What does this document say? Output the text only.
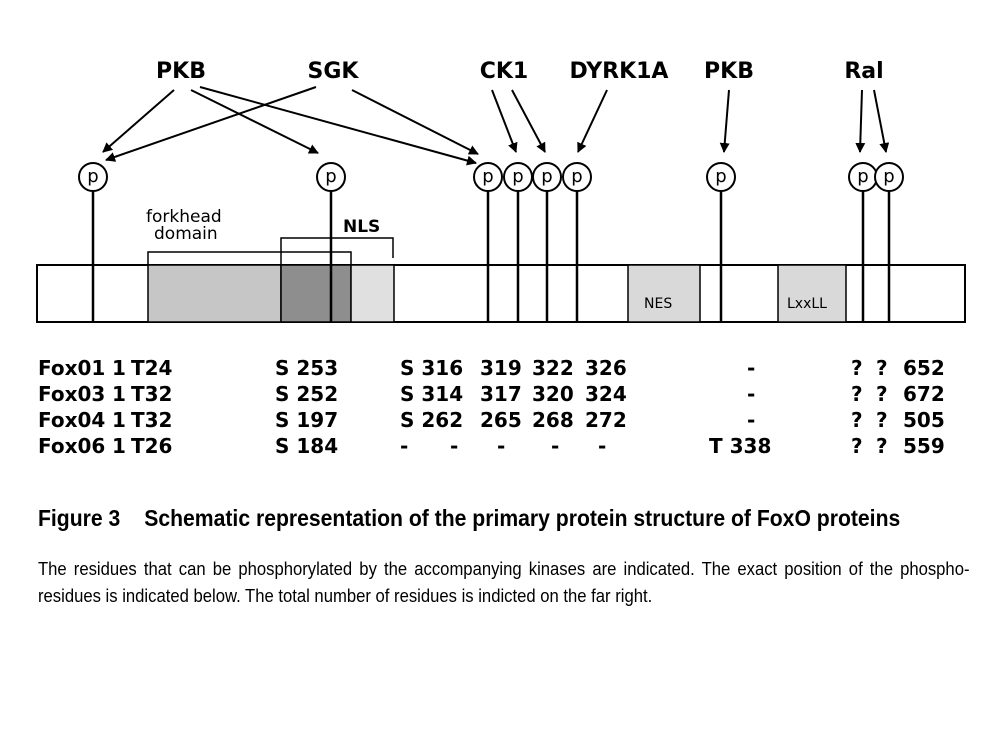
PKB	SGK	CK1 DYRK1A PKB	Ral
NES	LxxLL
forkhead
domain	NLS
p	p	p p p p	p	p p
Fox01 1 T24	S 253	S 316 319 322 326	-	? ? 652
Fox03 1 T32	S 252	S 314 317 320 324	-	? ? 672
Fox04 1 T32	S 197	S 262 265 268 272	-	? ? 505
Fox06 1 T26	S 184	- - - - -	T 338	? ? 559

Figure 3 Schematic representation of the primary protein structure of FoxO proteins

The residues that can be phosphorylated by the accompanying kinases are indicated. The exact position of the phospho-residues is indicated below. The total number of residues is indicted on the far right.
